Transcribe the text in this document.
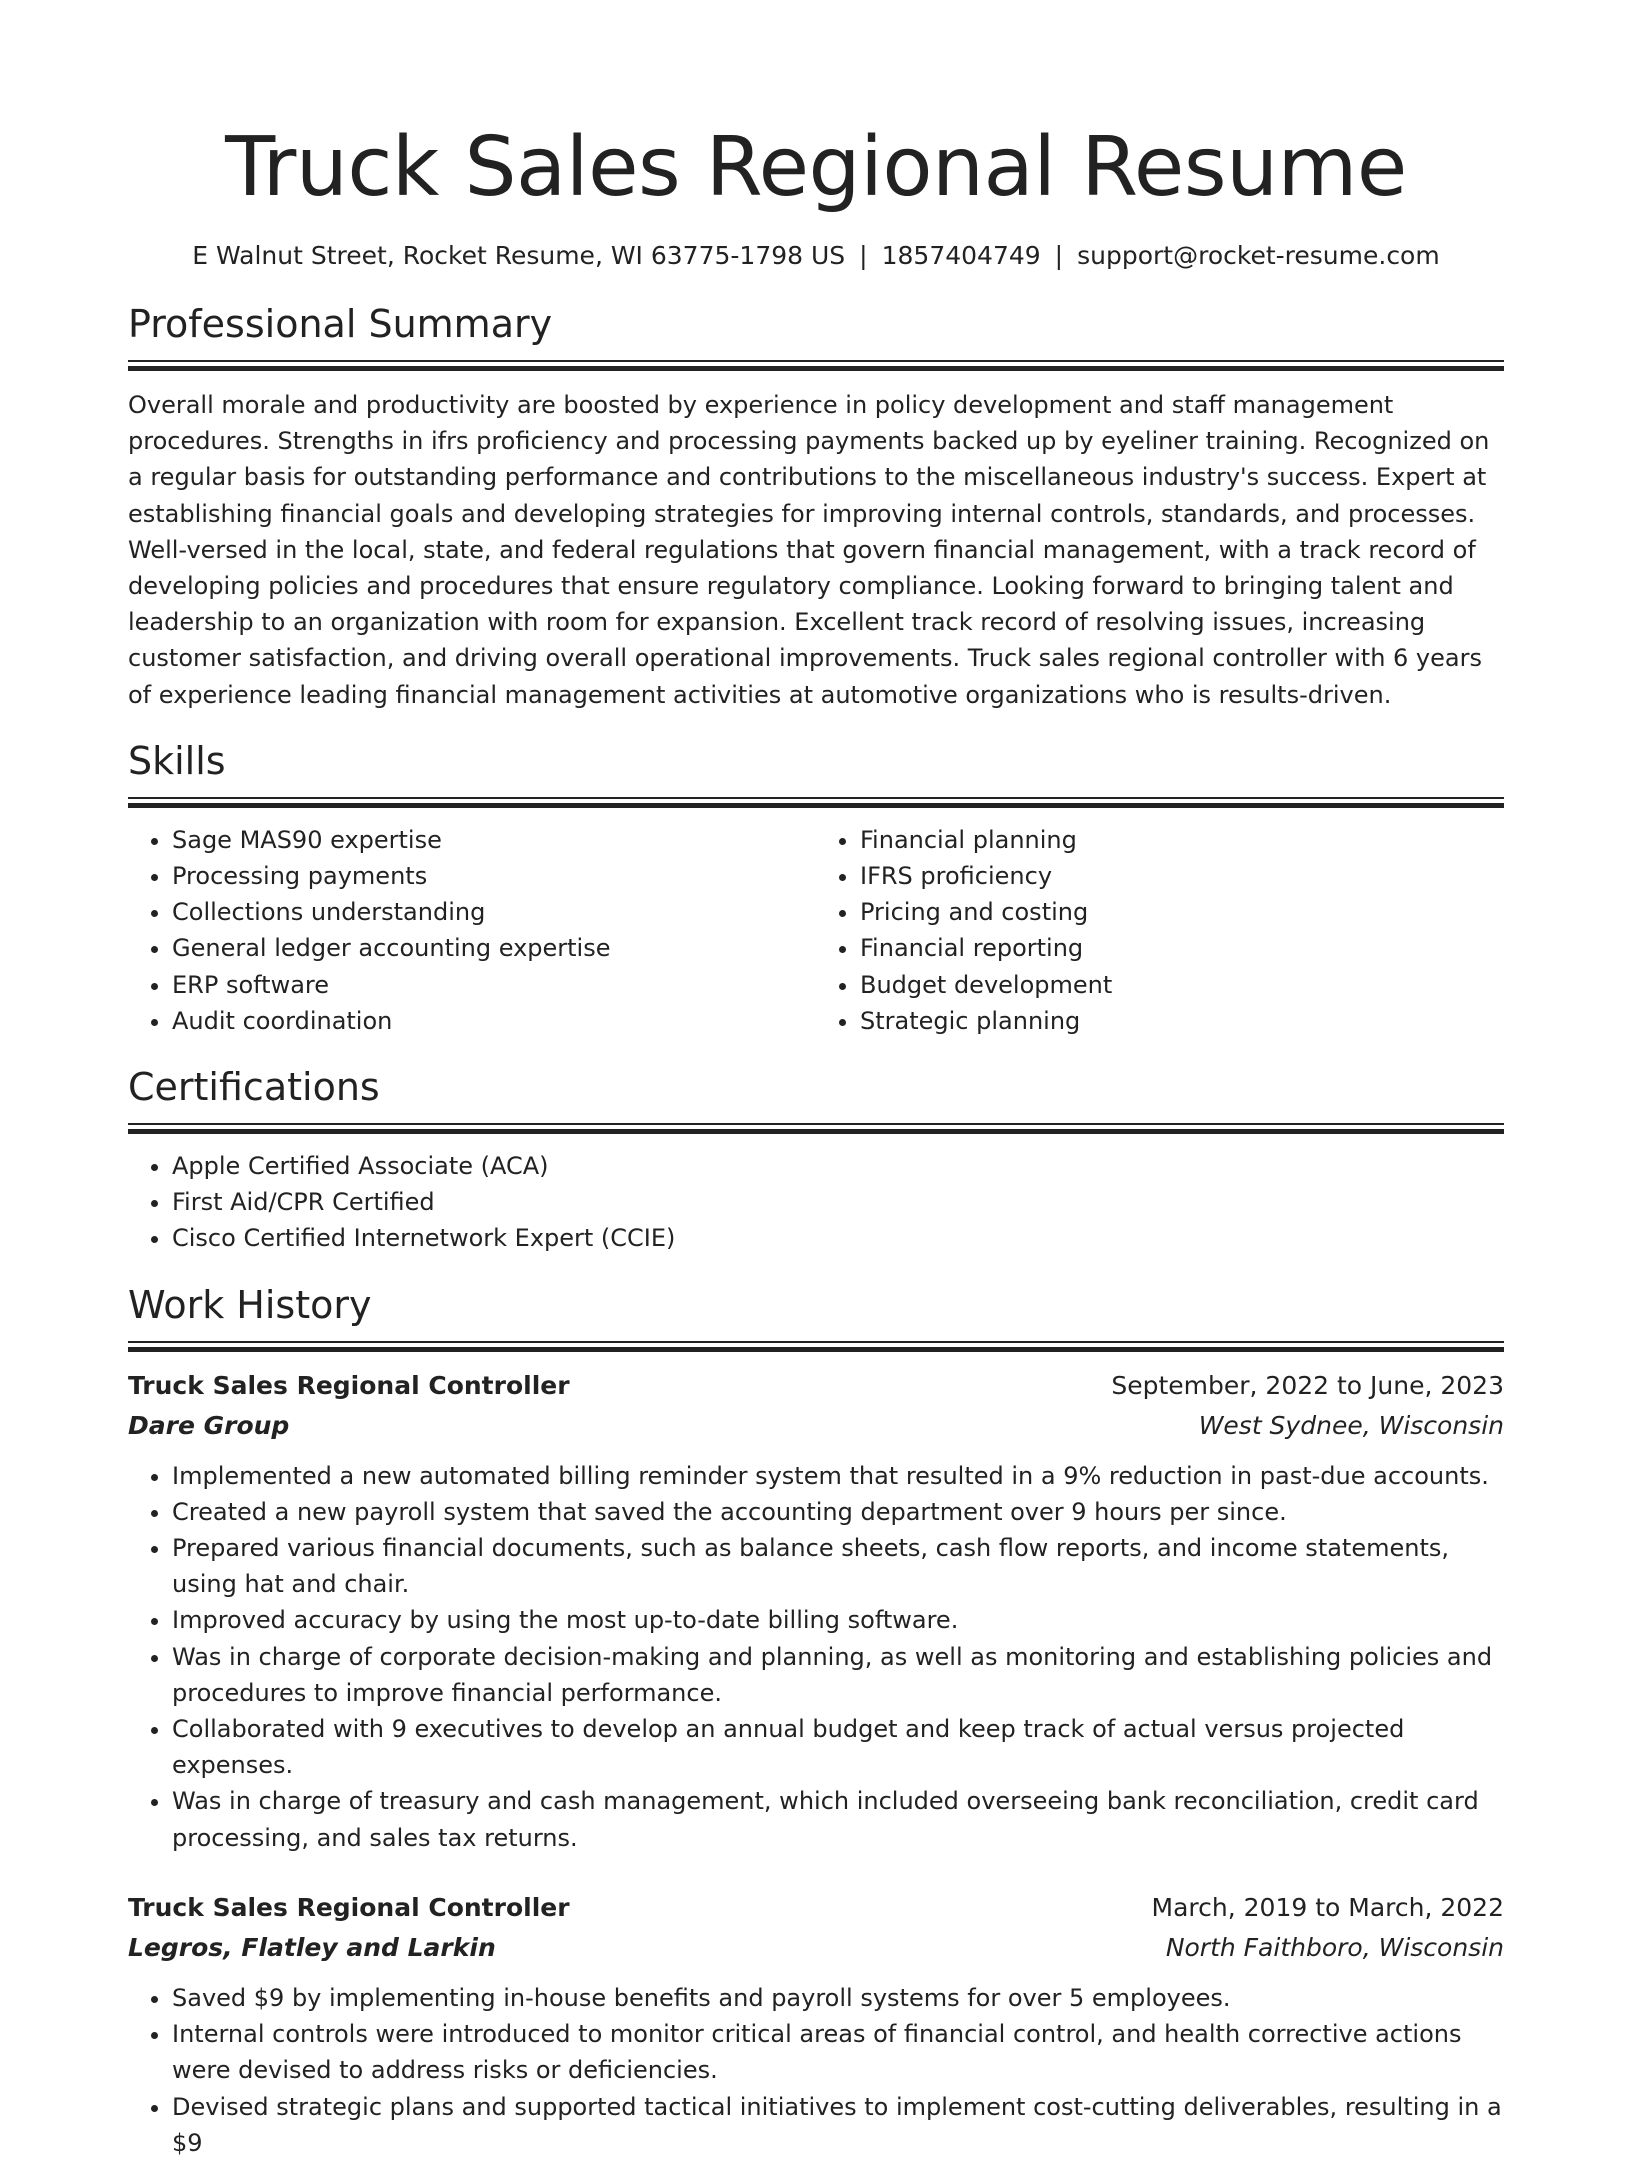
Truck Sales Regional Resume
E Walnut Street, Rocket Resume, WI 63775-1798 US | 1857404749 | support@rocket-resume.com
Professional Summary

Overall morale and productivity are boosted by experience in policy development and staff management procedures. Strengths in ifrs proficiency and processing payments backed up by eyeliner training. Recognized on a regular basis for outstanding performance and contributions to the miscellaneous industry's success. Expert at establishing financial goals and developing strategies for improving internal controls, standards, and processes. Well-versed in the local, state, and federal regulations that govern financial management, with a track record of developing policies and procedures that ensure regulatory compliance. Looking forward to bringing talent and leadership to an organization with room for expansion. Excellent track record of resolving issues, increasing customer satisfaction, and driving overall operational improvements. Truck sales regional controller with 6 years of experience leading financial management activities at automotive organizations who is results-driven.

Skills
• Sage MAS90 expertise
• Processing payments
• Collections understanding
• General ledger accounting expertise
• ERP software
• Audit coordination
• Financial planning
• IFRS proficiency
• Pricing and costing
• Financial reporting
• Budget development
• Strategic planning
Certifications
• Apple Certified Associate (ACA)
• First Aid/CPR Certified
• Cisco Certified Internetwork Expert (CCIE)
Work History
Truck Sales Regional Controller	September, 2022 to June, 2023
Dare Group	West Sydnee, Wisconsin
• Implemented a new automated billing reminder system that resulted in a 9% reduction in past-due accounts.
• Created a new payroll system that saved the accounting department over 9 hours per since.
• Prepared various financial documents, such as balance sheets, cash flow reports, and income statements, using hat and chair.
• Improved accuracy by using the most up-to-date billing software.
• Was in charge of corporate decision-making and planning, as well as monitoring and establishing policies and procedures to improve financial performance.
• Collaborated with 9 executives to develop an annual budget and keep track of actual versus projected expenses.
• Was in charge of treasury and cash management, which included overseeing bank reconciliation, credit card processing, and sales tax returns.
Truck Sales Regional Controller	March, 2019 to March, 2022
Legros, Flatley and Larkin	North Faithboro, Wisconsin
• Saved $9 by implementing in-house benefits and payroll systems for over 5 employees.
• Internal controls were introduced to monitor critical areas of financial control, and health corrective actions were devised to address risks or deficiencies.
• Devised strategic plans and supported tactical initiatives to implement cost-cutting deliverables, resulting in a $9
